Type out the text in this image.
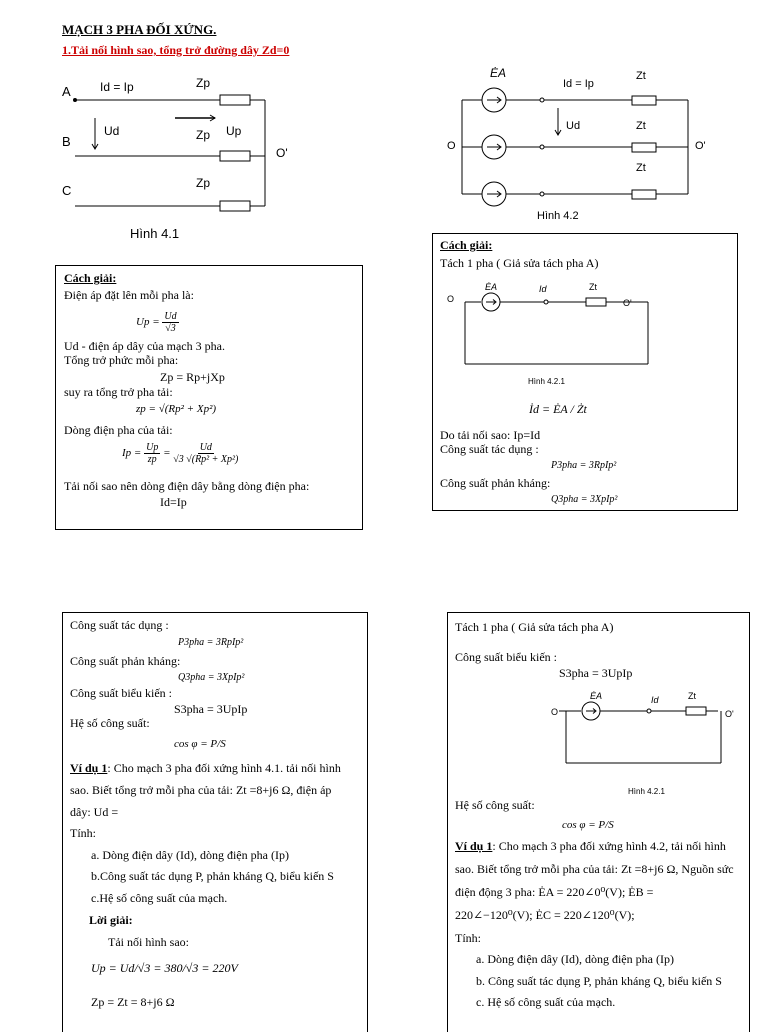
MẠCH 3 PHA ĐỐI XỨNG.
1.Tải nối hình sao, tổng trở đường dây Zd=0
A
B
C
Id = Ip
Ud	Up
Zp
Zp
Zp
O'
Hình 4.1
ĖA
Id = Ip
Ud
Zt
Zt
Zt
O	O'
Hình 4.2
Cách giải:
Điện áp đặt lên mỗi pha là:
$Up = \frac{Ud}{√3}$
Ud - điện áp dây của mạch 3 pha.
Tổng trở phức mỗi pha:
Zp = Rp+jXp
suy ra tổng trở pha tải:
zp = √(Rp² + Xp²)
Dòng điện pha của tải:
$Ip = \frac{Up}{zp} = \frac{Ud}{\text{√3 √(Rp² + Xp²)}}$
Tải nối sao nên dòng điện dây bằng dòng điện pha:
Id=Ip
Cách giải:
Tách 1 pha ( Giả sửa tách pha A)
O
ĖA	Id	Zt
O'
Hình 4.2.1
İd = ĖA / Żt
Do tải nối sao: Ip=Id
Công suất tác dụng :
P3pha = 3RpIp²
Công suất phản kháng:
Q3pha = 3XpIp²
Công suất tác dụng :
P3pha = 3RpIp²
Công suất phản kháng:
Q3pha = 3XpIp²
Công suất biểu kiến :
S3pha = 3UpIp
Hệ số công suất:
cos φ = P/S
Ví dụ 1: Cho mạch 3 pha đối xứng hình 4.1. tải nối hình
sao. Biết tổng trở mỗi pha của tải: Zt =8+j6 Ω, điện áp
dây: Ud =
Tính:
a. Dòng điện dây (Id), dòng điện pha (Ip)
b.Công suất tác dụng P, phản kháng Q, biểu kiến S
c.Hệ số công suất của mạch.
Lời giải:
Tải nối hình sao:
Up = Ud/√3 = 380/√3 = 220V
Zp = Zt = 8+j6 Ω
Tách 1 pha ( Giả sửa tách pha A)
Công suất biểu kiến :
S3pha = 3UpIp
O
ĖA	Id	Zt
O'
Hình 4.2.1
Hệ số công suất:
cos φ = P/S
Ví dụ 1: Cho mạch 3 pha đối xứng hình 4.2, tải nối hình
sao. Biết tổng trở mỗi pha của tải: Zt =8+j6 Ω, Nguồn sức
điện động 3 pha: ĖA = 220∠0⁰(V); ĖB =
220∠−120⁰(V); ĖC = 220∠120⁰(V);
Tính:
a. Dòng điện dây (Id), dòng điện pha (Ip)
b. Công suất tác dụng P, phản kháng Q, biểu kiến S
c. Hệ số công suất của mạch.
